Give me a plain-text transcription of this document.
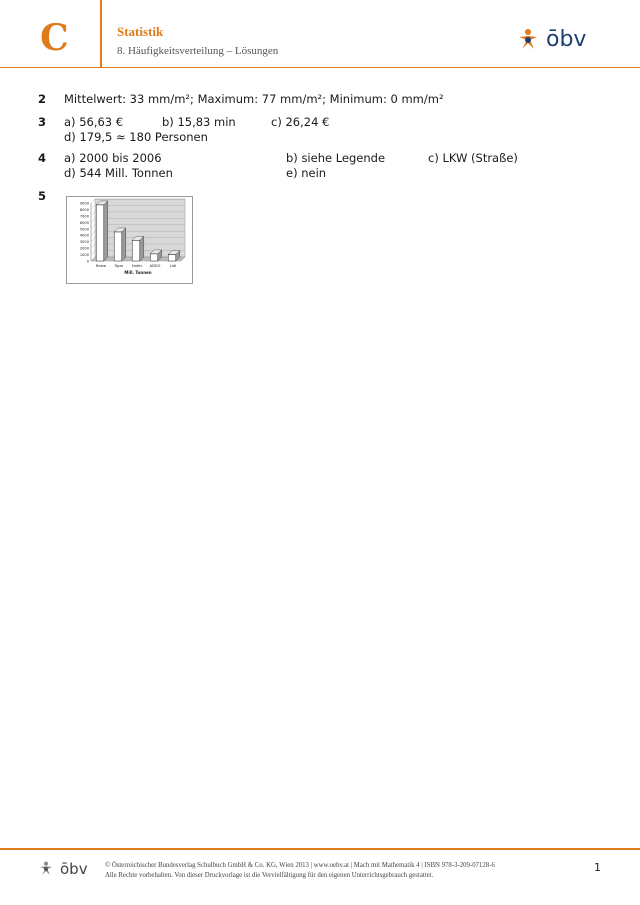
C	Statistik
8. Häufigkeitsverteilung – Lösungen	ōbv
2 Mittelwert: 33 mm/m²; Maximum: 77 mm/m²; Minimum: 0 mm/m²
3 a) 56,63 €	b) 15,83 min	c) 26,24 €
d) 179,5 ≈ 180 Personen
4 a) 2000 bis 2006	b) siehe Legende	c) LKW (Straße)
d) 544 Mill. Tonnen	e) nein
5
9000
8000
7000
6000
5000
4000
3000
2000
1000
0
Rewe Spar Hofer ADEG Lidl
Mill. Tonnen
ōbv	© Österreichischer Bundesverlag Schulbuch GmbH & Co. KG, Wien 2013 | www.oebv.at | Mach mit Mathematik 4 | ISBN 978-3-209-07128-6
Alle Rechte vorbehalten. Von dieser Druckvorlage ist die Vervielfältigung für den eigenen Unterrichtsgebrauch gestattet.
1
